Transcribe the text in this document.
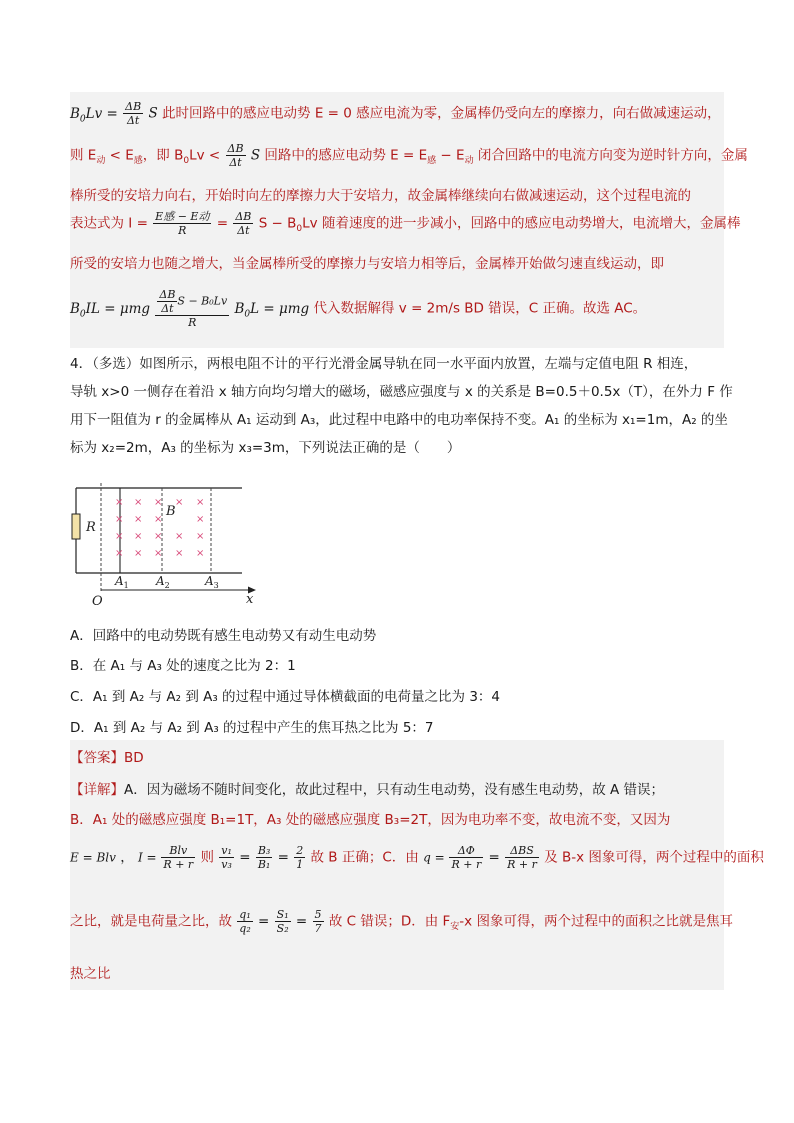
$B_0Lv = \frac{\Delta B}{\Delta t}$ S 此时回路中的感应电动势 E = 0 感应电流为零，金属棒仍受向左的摩擦力，向右做减速运动，
则 $E_动 < E_感$，即 $B_0Lv < \frac{\Delta B}{\Delta t}$ S 回路中的感应电动势 $E = E_感 - E_动$ 闭合回路中的电流方向变为逆时针方向，金属
棒所受的安培力向右，开始时向左的摩擦力大于安培力，故金属棒继续向右做减速运动，这个过程电流的
表达式为 $I = \frac{\text{E感 − E动}}{R} = \frac{\Delta B}{\Delta t}$ $S - B_0Lv$ 随着速度的进一步减小，回路中的感应电动势增大，电流增大，金属棒
所受的安培力也随之增大，当金属棒所受的摩擦力与安培力相等后，金属棒开始做匀速直线运动，即
$B_0IL = \mu mg \frac{\frac{\Delta B}{\Delta t} S - B_0Lv}{R} B_0L = \mu mg$ 代入数据解得 v = 2m/s BD 错误，C 正确。故选 AC。
4．（多选）如图所示，两根电阻不计的平行光滑金属导轨在同一水平面内放置，左端与定值电阻 R 相连，
导轨 x>0 一侧存在着沿 x 轴方向均匀增大的磁场，磁感应强度与 x 的关系是 B=0.5＋0.5x（T），在外力 F 作
用下一阻值为 r 的金属棒从 A₁ 运动到 A₃，此过程中电路中的电功率保持不变。A₁ 的坐标为 x₁=1m，A₂ 的坐
标为 x₂=2m，A₃ 的坐标为 x₃=3m，下列说法正确的是（　　）
R
× × × × ×
× × ×	×
× × × × ×
× × × × ×
B
x
O
$A_1$ $A_2$	$A_3$
A．回路中的电动势既有感生电动势又有动生电动势
B．在 A₁ 与 A₃ 处的速度之比为 2：1
C．A₁ 到 A₂ 与 A₂ 到 A₃ 的过程中通过导体横截面的电荷量之比为 3：4
D．A₁ 到 A₂ 与 A₂ 到 A₃ 的过程中产生的焦耳热之比为 5：7
【答案】BD
【详解】A．因为磁场不随时间变化，故此过程中，只有动生电动势，没有感生电动势，故 A 错误；
B．A₁ 处的磁感应强度 B₁=1T，A₃ 处的磁感应强度 B₃=2T，因为电功率不变，故电流不变，又因为
E = Blv ， $I = \frac{\text{Blv}}{R + r}$ 则 $\frac{\text{v₁}}{\text{v₃}} = \frac{\text{B₃}}{\text{B₁}} = \frac{2}{1}$ 故 B 正确；C．由 $q = \frac{\Delta\Phi}{R + r} = \frac{\text{ΔBS}}{R + r}$ 及 B-x 图象可得，两个过程中的面积
之比，就是电荷量之比，故 $\frac{\text{q₁}}{\text{q₂}} = \frac{\text{S₁}}{\text{S₂}} = \frac{5}{7}$ 故 C 错误；D．由 $F_安-x$ 图象可得，两个过程中的面积之比就是焦耳
热之比
